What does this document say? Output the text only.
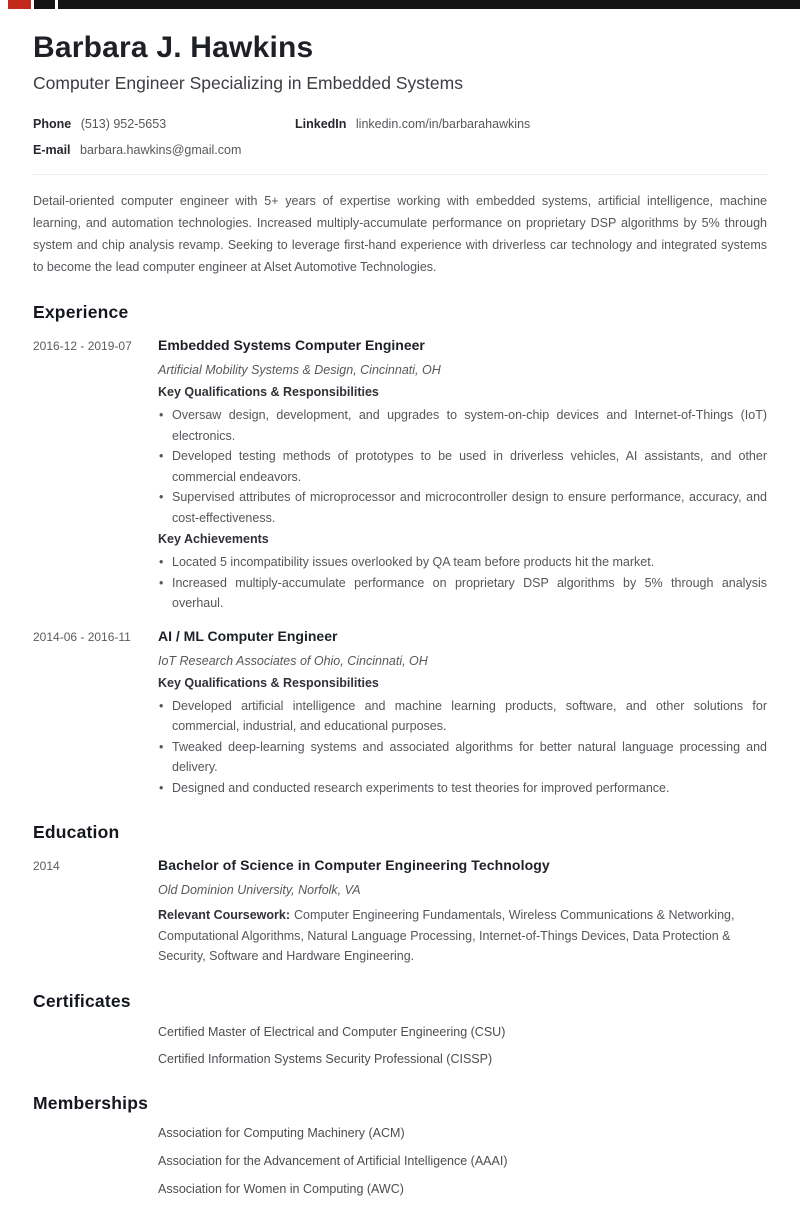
Barbara J. Hawkins
Computer Engineer Specializing in Embedded Systems
Phone (513) 952-5653	LinkedIn linkedin.com/in/barbarahawkins
E-mail barbara.hawkins@gmail.com
Detail-oriented computer engineer with 5+ years of expertise working with embedded systems, artificial intelligence, machine learning, and automation technologies. Increased multiply-accumulate performance on proprietary DSP algorithms by 5% through system and chip analysis revamp. Seeking to leverage first-hand experience with driverless car technology and integrated systems to become the lead computer engineer at Alset Automotive Technologies.
Experience
2016-12 - 2019-07	Embedded Systems Computer Engineer
Artificial Mobility Systems & Design, Cincinnati, OH
Key Qualifications & Responsibilities
• Oversaw design, development, and upgrades to system-on-chip devices and Internet-of-Things (IoT) electronics.
• Developed testing methods of prototypes to be used in driverless vehicles, AI assistants, and other commercial endeavors.
• Supervised attributes of microprocessor and microcontroller design to ensure performance, accuracy, and cost-effectiveness.
Key Achievements
• Located 5 incompatibility issues overlooked by QA team before products hit the market.
• Increased multiply-accumulate performance on proprietary DSP algorithms by 5% through analysis overhaul.
2014-06 - 2016-11	AI / ML Computer Engineer
IoT Research Associates of Ohio, Cincinnati, OH
Key Qualifications & Responsibilities
• Developed artificial intelligence and machine learning products, software, and other solutions for commercial, industrial, and educational purposes.
• Tweaked deep-learning systems and associated algorithms for better natural language processing and delivery.
• Designed and conducted research experiments to test theories for improved performance.
Education
2014	Bachelor of Science in Computer Engineering Technology
Old Dominion University, Norfolk, VA
Relevant Coursework: Computer Engineering Fundamentals, Wireless Communications & Networking, Computational Algorithms, Natural Language Processing, Internet-of-Things Devices, Data Protection & Security, Software and Hardware Engineering.
Certificates
Certified Master of Electrical and Computer Engineering (CSU)
Certified Information Systems Security Professional (CISSP)
Memberships
Association for Computing Machinery (ACM)
Association for the Advancement of Artificial Intelligence (AAAI)
Association for Women in Computing (AWC)
